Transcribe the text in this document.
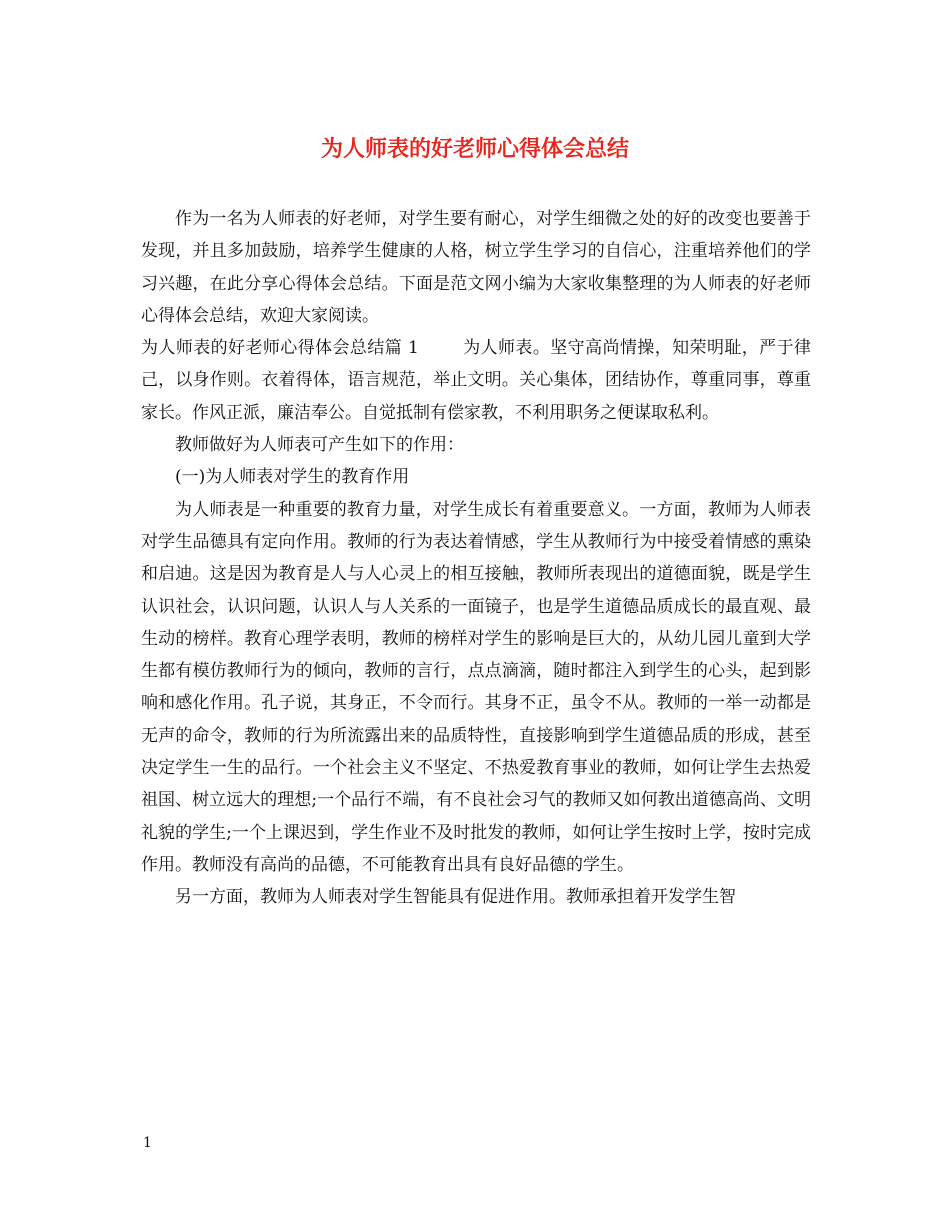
为人师表的好老师心得体会总结

作为一名为人师表的好老师，对学生要有耐心，对学生细微之处的好的改变也要善于发现，并且多加鼓励，培养学生健康的人格，树立学生学习的自信心，注重培养他们的学习兴趣，在此分享心得体会总结。下面是范文网小编为大家收集整理的为人师表的好老师心得体会总结，欢迎大家阅读。

为人师表的好老师心得体会总结篇 1	为人师表。坚守高尚情操，知荣明耻，严于律己，以身作则。衣着得体，语言规范，举止文明。关心集体，团结协作，尊重同事，尊重家长。作风正派，廉洁奉公。自觉抵制有偿家教，不利用职务之便谋取私利。

教师做好为人师表可产生如下的作用：

(一)为人师表对学生的教育作用

为人师表是一种重要的教育力量，对学生成长有着重要意义。一方面，教师为人师表对学生品德具有定向作用。教师的行为表达着情感，学生从教师行为中接受着情感的熏染和启迪。这是因为教育是人与人心灵上的相互接触，教师所表现出的道德面貌，既是学生认识社会，认识问题，认识人与人关系的一面镜子，也是学生道德品质成长的最直观、最生动的榜样。教育心理学表明，教师的榜样对学生的影响是巨大的，从幼儿园儿童到大学生都有模仿教师行为的倾向，教师的言行，点点滴滴，随时都注入到学生的心头，起到影响和感化作用。孔子说，其身正，不令而行。其身不正，虽令不从。教师的一举一动都是无声的命令，教师的行为所流露出来的品质特性，直接影响到学生道德品质的形成，甚至决定学生一生的品行。一个社会主义不坚定、不热爱教育事业的教师，如何让学生去热爱祖国、树立远大的理想;一个品行不端，有不良社会习气的教师又如何教出道德高尚、文明礼貌的学生;一个上课迟到，学生作业不及时批发的教师，如何让学生按时上学，按时完成作用。教师没有高尚的品德，不可能教育出具有良好品德的学生。

另一方面，教师为人师表对学生智能具有促进作用。教师承担着开发学生智

1
